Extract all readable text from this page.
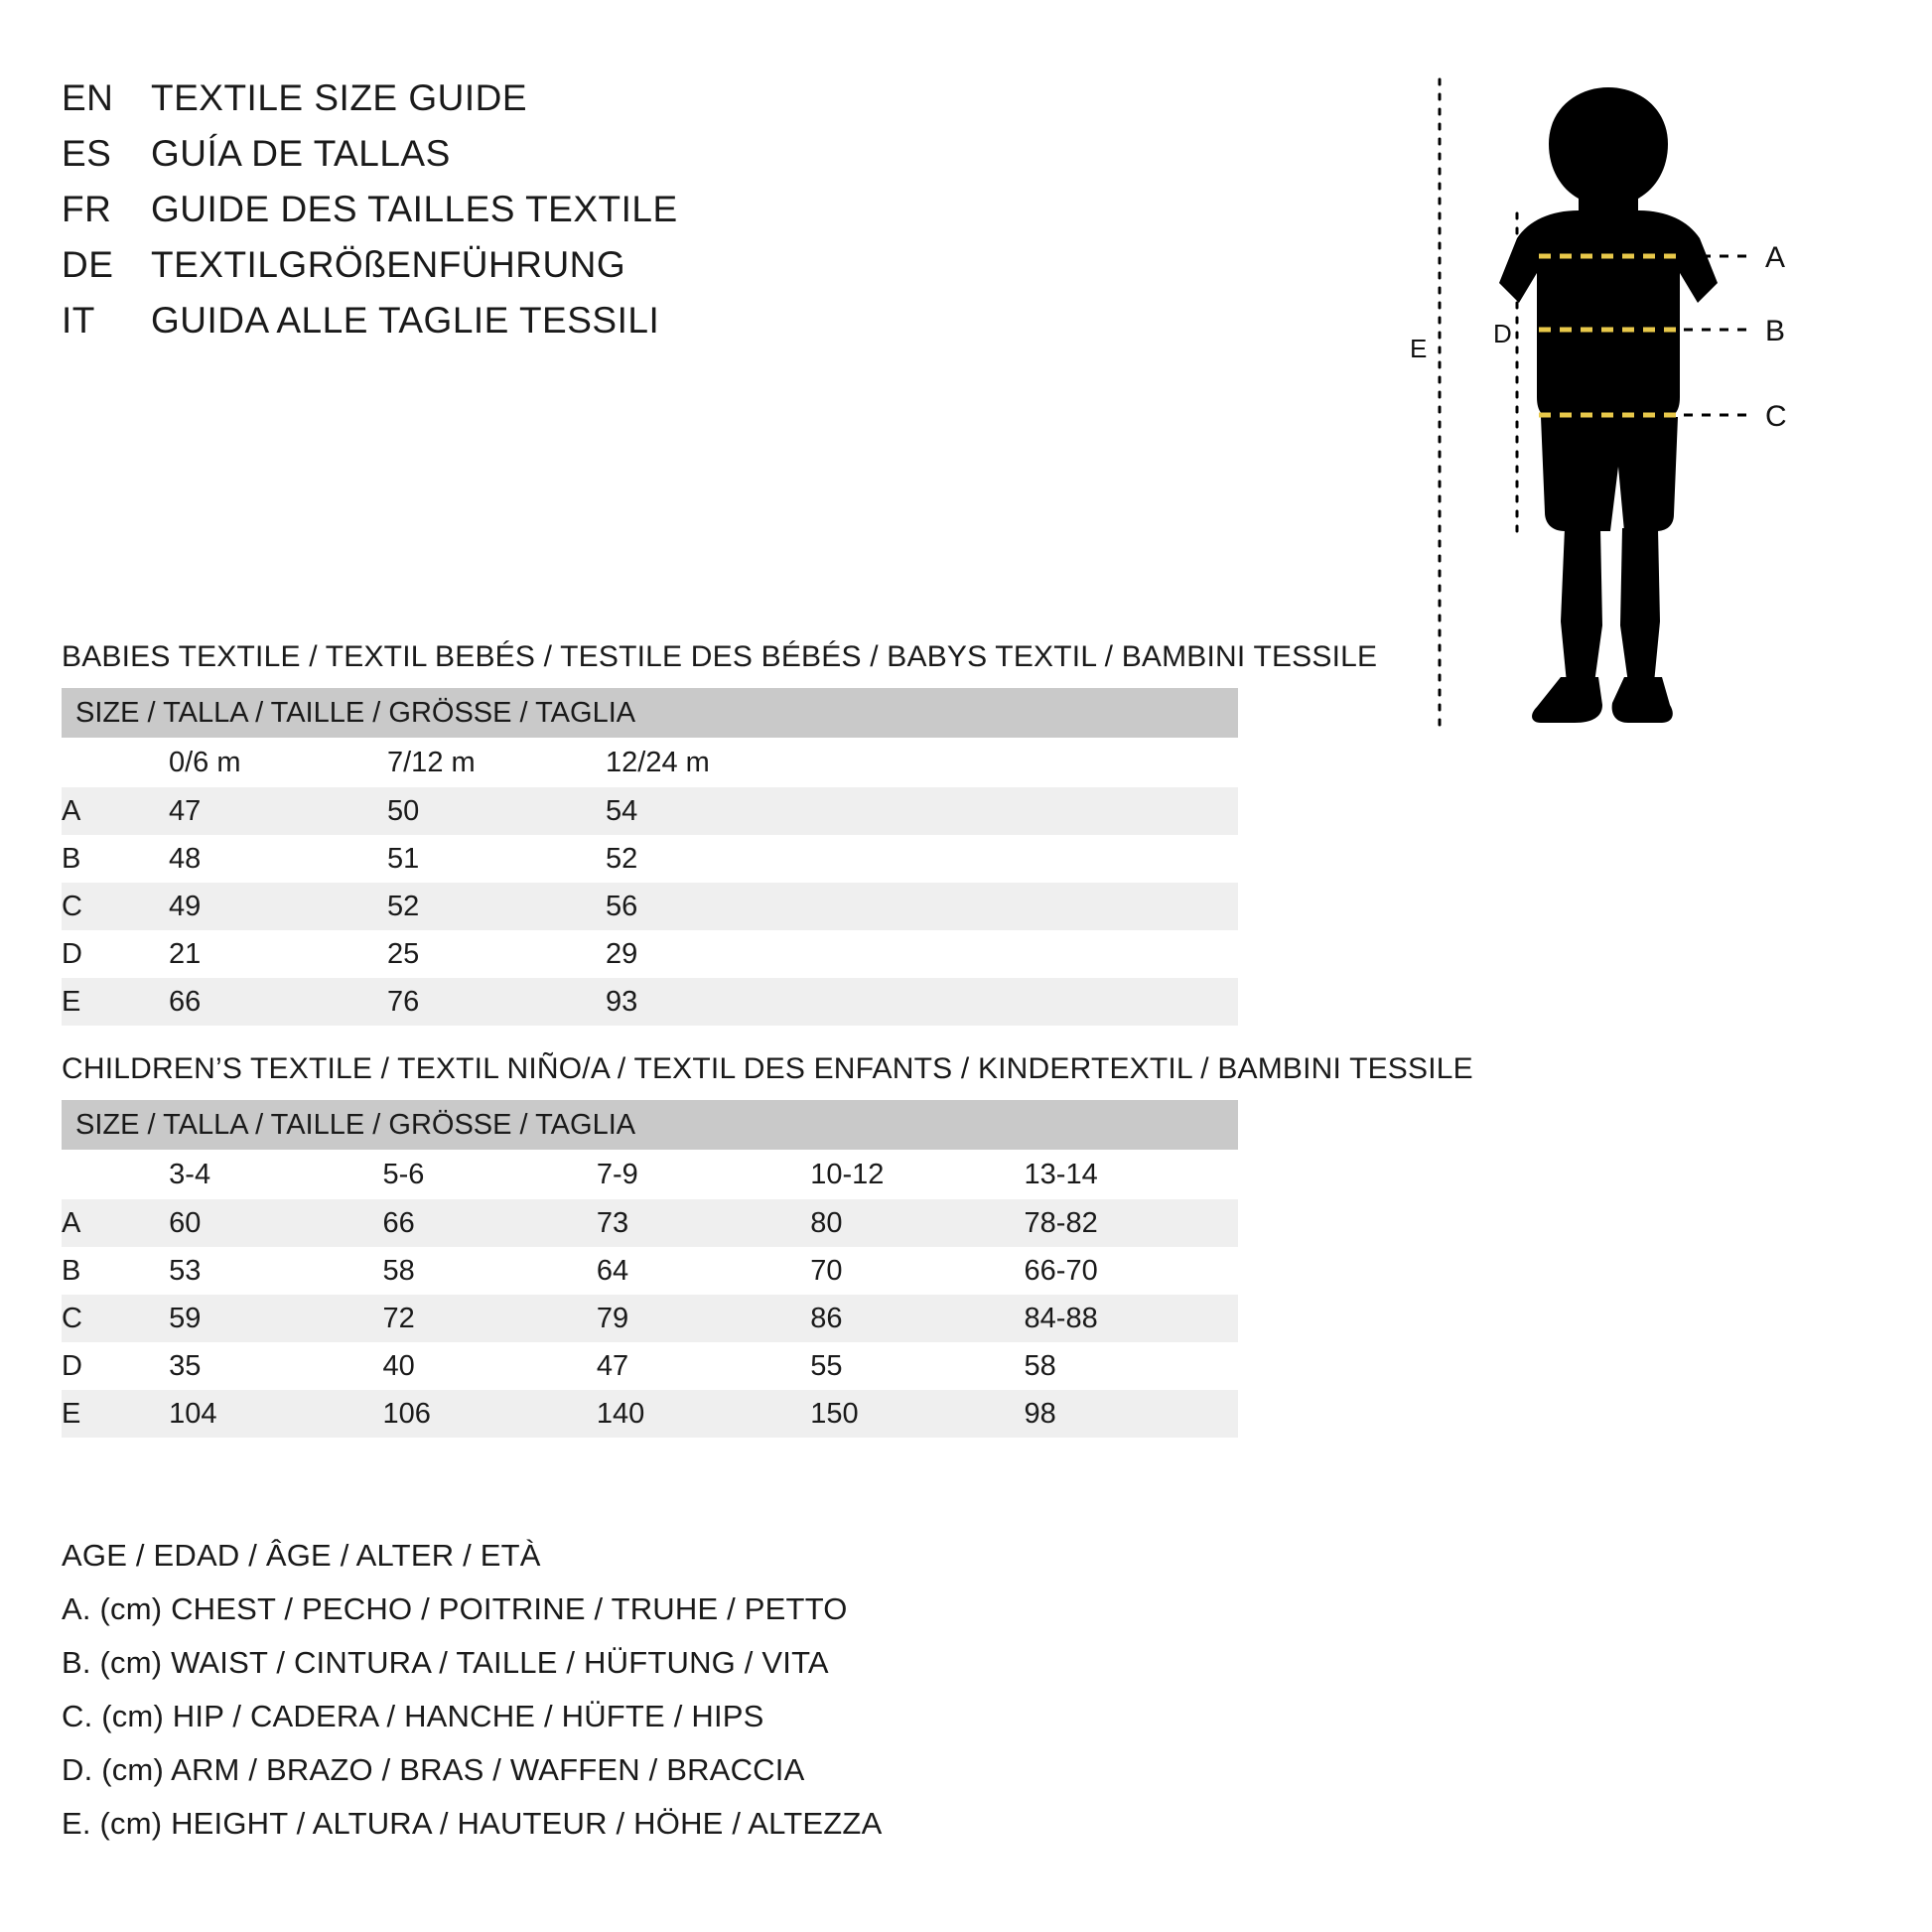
EN	TEXTILE SIZE GUIDE
ES	GUÍA DE TALLAS
FR	GUIDE DES TAILLES TEXTILE
DE	TEXTILGRÖßENFÜHRUNG
IT	GUIDA ALLE TAGLIE TESSILI
A
B
C
D
E
BABIES TEXTILE / TEXTIL BEBÉS / TESTILE DES BÉBÉS / BABYS TEXTIL / BAMBINI TESSILE
SIZE / TALLA / TAILLE / GRÖSSE / TAGLIA				
	0/6 m	7/12 m	12/24 m	
A	47	50	54	
B	48	51	52	
C	49	52	56	
D	21	25	29	
E	66	76	93	
CHILDREN’S TEXTILE / TEXTIL NIÑO/A / TEXTIL DES ENFANTS / KINDERTEXTIL / BAMBINI TESSILE
SIZE / TALLA / TAILLE / GRÖSSE / TAGLIA					
	3-4	5-6	7-9	10-12	13-14
A	60	66	73	80	78-82
B	53	58	64	70	66-70
C	59	72	79	86	84-88
D	35	40	47	55	58
E	104	106	140	150	98
AGE / EDAD / ÂGE / ALTER / ETÀ
A. (cm) CHEST / PECHO / POITRINE / TRUHE / PETTO
B. (cm) WAIST / CINTURA / TAILLE / HÜFTUNG / VITA
C. (cm) HIP / CADERA / HANCHE / HÜFTE / HIPS
D. (cm) ARM / BRAZO / BRAS / WAFFEN / BRACCIA
E. (cm) HEIGHT / ALTURA / HAUTEUR / HÖHE / ALTEZZA
